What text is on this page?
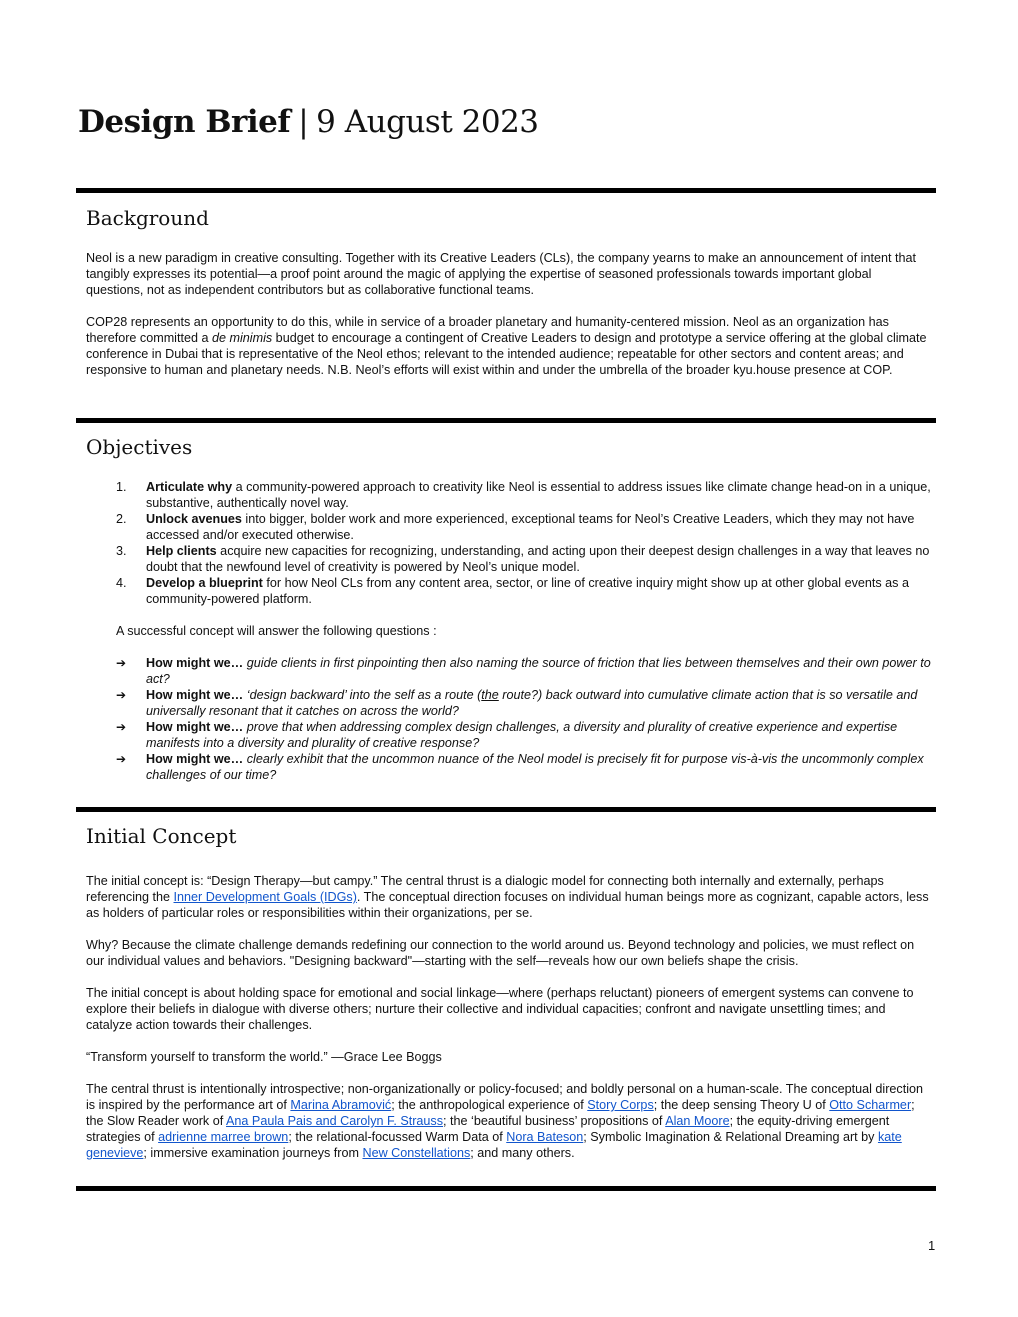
Design Brief | 9 August 2023
Background

Neol is a new paradigm in creative consulting. Together with its Creative Leaders (CLs), the company yearns to make an announcement of intent that tangibly expresses its potential—a proof point around the magic of applying the expertise of seasoned professionals towards important global questions, not as independent contributors but as collaborative functional teams.

COP28 represents an opportunity to do this, while in service of a broader planetary and humanity-centered mission. Neol as an organization has therefore committed a de minimis budget to encourage a contingent of Creative Leaders to design and prototype a service offering at the global climate conference in Dubai that is representative of the Neol ethos; relevant to the intended audience; repeatable for other sectors and content areas; and responsive to human and planetary needs. N.B. Neol’s efforts will exist within and under the umbrella of the broader kyu.house presence at COP.

Objectives
1. Articulate why a community-powered approach to creativity like Neol is essential to address issues like climate change head-on in a unique, substantive, authentically novel way.
2. Unlock avenues into bigger, bolder work and more experienced, exceptional teams for Neol’s Creative Leaders, which they may not have accessed and/or executed otherwise.
3. Help clients acquire new capacities for recognizing, understanding, and acting upon their deepest design challenges in a way that leaves no doubt that the newfound level of creativity is powered by Neol’s unique model.
4. Develop a blueprint for how Neol CLs from any content area, sector, or line of creative inquiry might show up at other global events as a community-powered platform.

A successful concept will answer the following questions :

➔ How might we… guide clients in first pinpointing then also naming the source of friction that lies between themselves and their own power to act?
➔ How might we… ‘design backward’ into the self as a route (the route?) back outward into cumulative climate action that is so versatile and universally resonant that it catches on across the world?
➔ How might we… prove that when addressing complex design challenges, a diversity and plurality of creative experience and expertise manifests into a diversity and plurality of creative response?
➔ How might we… clearly exhibit that the uncommon nuance of the Neol model is precisely fit for purpose vis-à-vis the uncommonly complex challenges of our time?
Initial Concept

The initial concept is: “Design Therapy—but campy.” The central thrust is a dialogic model for connecting both internally and externally, perhaps referencing the Inner Development Goals (IDGs). The conceptual direction focuses on individual human beings more as cognizant, capable actors, less as holders of particular roles or responsibilities within their organizations, per se.

Why? Because the climate challenge demands redefining our connection to the world around us. Beyond technology and policies, we must reflect on our individual values and behaviors. "Designing backward"—starting with the self—reveals how our own beliefs shape the crisis.

The initial concept is about holding space for emotional and social linkage—where (perhaps reluctant) pioneers of emergent systems can convene to explore their beliefs in dialogue with diverse others; nurture their collective and individual capacities; confront and navigate unsettling times; and catalyze action towards their challenges.

“Transform yourself to transform the world.” —Grace Lee Boggs

The central thrust is intentionally introspective; non-organizationally or policy-focused; and boldly personal on a human-scale. The conceptual direction is inspired by the performance art of Marina Abramović; the anthropological experience of Story Corps; the deep sensing Theory U of Otto Scharmer; the Slow Reader work of Ana Paula Pais and Carolyn F. Strauss; the ‘beautiful business’ propositions of Alan Moore; the equity-driving emergent strategies of adrienne marree brown; the relational-focussed Warm Data of Nora Bateson; Symbolic Imagination & Relational Dreaming art by kate genevieve; immersive examination journeys from New Constellations; and many others.

1
